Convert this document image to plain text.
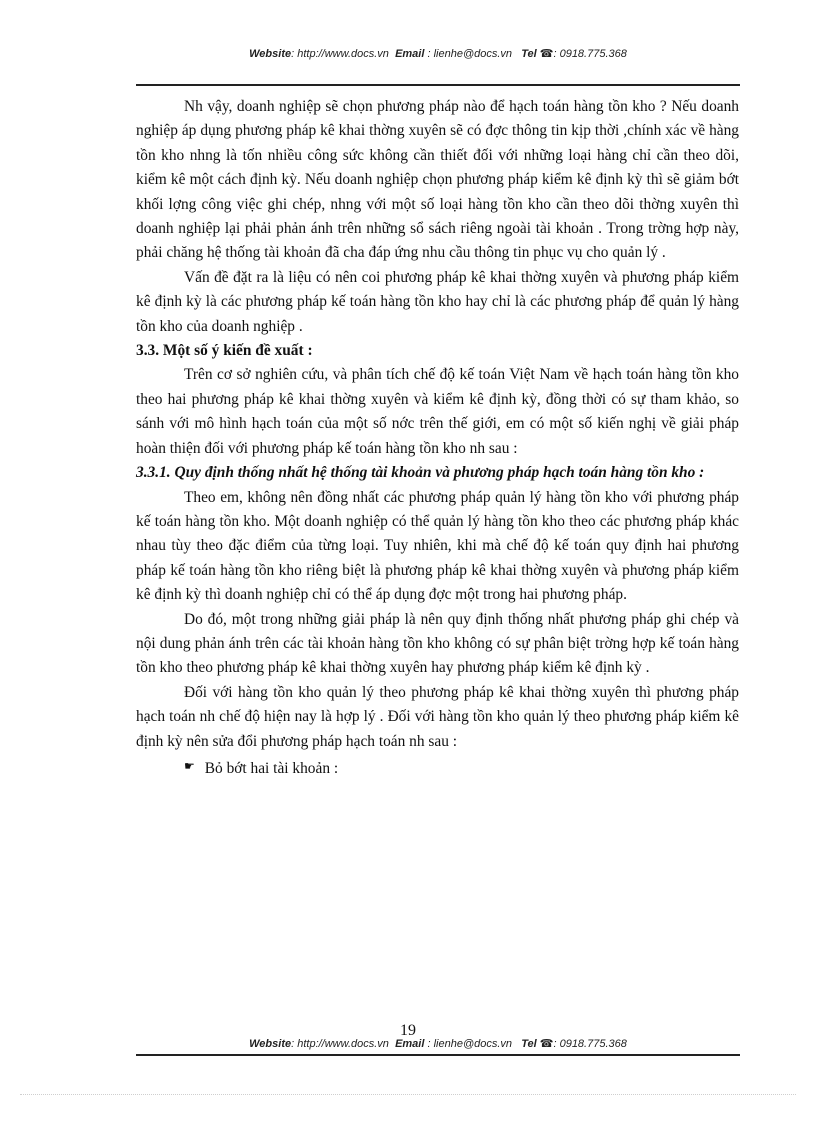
Website: http://www.docs.vn Email : lienhe@docs.vn Tel ☎: 0918.775.368

Nh vậy, doanh nghiệp sẽ chọn phương pháp nào để hạch toán hàng tồn kho ? Nếu doanh nghiệp áp dụng phương pháp kê khai thờng xuyên sẽ có đợc thông tin kịp thời ,chính xác về hàng tồn kho nhng là tốn nhiều công sức không cần thiết đối với những loại hàng chỉ cần theo dõi, kiểm kê một cách định kỳ. Nếu doanh nghiệp chọn phương pháp kiểm kê định kỳ thì sẽ giảm bớt khối lợng công việc ghi chép, nhng với một số loại hàng tồn kho cần theo dõi thờng xuyên thì doanh nghiệp lại phải phản ánh trên những sổ sách riêng ngoài tài khoản . Trong trờng hợp này, phải chăng hệ thống tài khoản đã cha đáp ứng nhu cầu thông tin phục vụ cho quản lý .

Vấn đề đặt ra là liệu có nên coi phương pháp kê khai thờng xuyên và phương pháp kiểm kê định kỳ là các phương pháp kế toán hàng tồn kho hay chỉ là các phương pháp để quản lý hàng tồn kho của doanh nghiệp .

3.3. Một số ý kiến đề xuất :

Trên cơ sở nghiên cứu, và phân tích chế độ kế toán Việt Nam về hạch toán hàng tồn kho theo hai phương pháp kê khai thờng xuyên và kiểm kê định kỳ, đồng thời có sự tham khảo, so sánh với mô hình hạch toán của một số nớc trên thế giới, em có một số kiến nghị về giải pháp hoàn thiện đối với phương pháp kế toán hàng tồn kho nh sau :

3.3.1. Quy định thống nhất hệ thống tài khoản và phương pháp hạch toán hàng tồn kho :

Theo em, không nên đồng nhất các phương pháp quản lý hàng tồn kho với phương pháp kế toán hàng tồn kho. Một doanh nghiệp có thể quản lý hàng tồn kho theo các phương pháp khác nhau tùy theo đặc điểm của từng loại. Tuy nhiên, khi mà chế độ kế toán quy định hai phương pháp kế toán hàng tồn kho riêng biệt là phương pháp kê khai thờng xuyên và phương pháp kiểm kê định kỳ thì doanh nghiệp chỉ có thể áp dụng đợc một trong hai phương pháp.

Do đó, một trong những giải pháp là nên quy định thống nhất phương pháp ghi chép và nội dung phản ánh trên các tài khoản hàng tồn kho không có sự phân biệt trờng hợp kế toán hàng tồn kho theo phương pháp kê khai thờng xuyên hay phương pháp kiểm kê định kỳ .

Đối với hàng tồn kho quản lý theo phương pháp kê khai thờng xuyên thì phương pháp hạch toán nh chế độ hiện nay là hợp lý . Đối với hàng tồn kho quản lý theo phương pháp kiểm kê định kỳ nên sửa đổi phương pháp hạch toán nh sau :

☛ Bỏ bớt hai tài khoản :
19
Website: http://www.docs.vn Email : lienhe@docs.vn Tel ☎: 0918.775.368
